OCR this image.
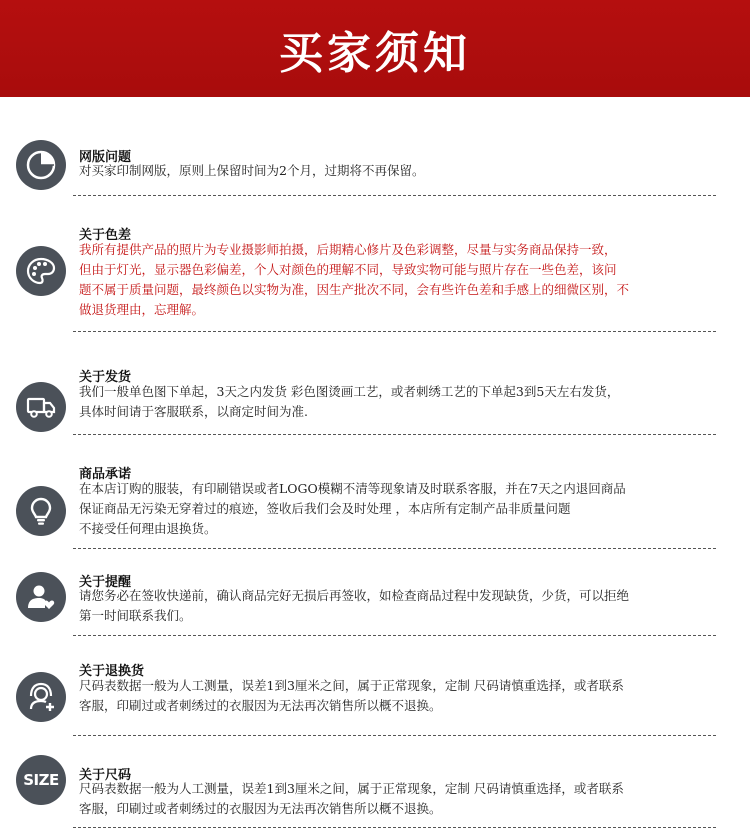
买家须知
网版问题

对买家印制网版，原则上保留时间为2个月，过期将不再保留。

关于色差

我所有提供产品的照片为专业摄影师拍摄，后期精心修片及色彩调整，尽量与实务商品保持一致，

但由于灯光，显示器色彩偏差，个人对颜色的理解不同，导致实物可能与照片存在一些色差，该问

题不属于质量问题，最终颜色以实物为准，因生产批次不同，会有些许色差和手感上的细微区别，不

做退货理由，忘理解。

关于发货

我们一般单色图下单起，3天之内发货 彩色图烫画工艺，或者刺绣工艺的下单起3到5天左右发货，

具体时间请于客服联系，以商定时间为准.

商品承诺

在本店订购的服装，有印刷错误或者LOGO模糊不清等现象请及时联系客服，并在7天之内退回商品

保证商品无污染无穿着过的痕迹，签收后我们会及时处理 ，本店所有定制产品非质量问题

不接受任何理由退换货。

关于提醒

请您务必在签收快递前，确认商品完好无损后再签收，如检查商品过程中发现缺货，少货，可以拒绝

第一时间联系我们。

关于退换货

尺码表数据一般为人工测量，误差1到3厘米之间，属于正常现象，定制 尺码请慎重选择，或者联系

客服，印刷过或者刺绣过的衣服因为无法再次销售所以概不退换。

SIZE 关于尺码

尺码表数据一般为人工测量，误差1到3厘米之间，属于正常现象，定制 尺码请慎重选择，或者联系

客服，印刷过或者刺绣过的衣服因为无法再次销售所以概不退换。
